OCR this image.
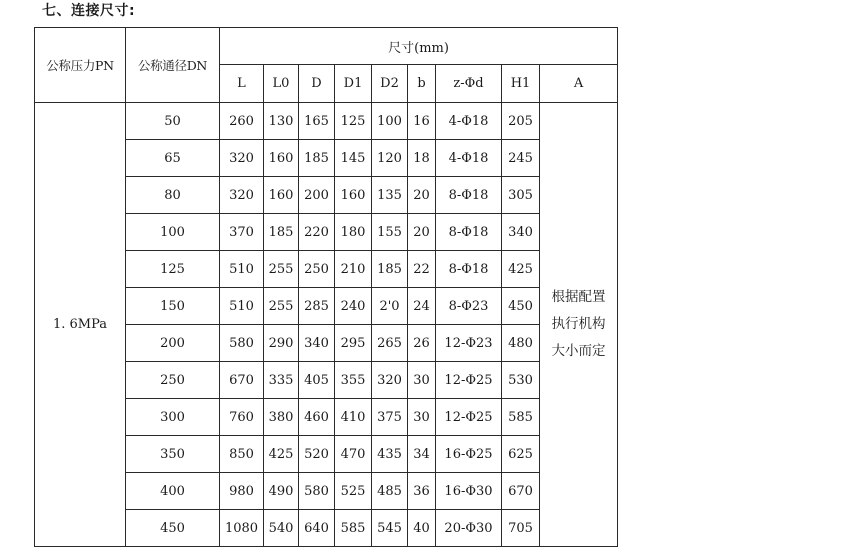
七、连接尺寸:
公称压力PN	公称通径DN	尺寸(mm)								
		L	L0	D	D1	D2	b	z-Φd	H1	A
1. 6MPa	50	260	130	165	125	100	16	4-Φ18	205	根据配置
执行机构
大小而定

	65	320	160	185	145	120	18	4-Φ18	245	
	80	320	160	200	160	135	20	8-Φ18	305	
	100	370	185	220	180	155	20	8-Φ18	340	
	125	510	255	250	210	185	22	8-Φ18	425	
	150	510	255	285	240	2'0	24	8-Φ23	450	
	200	580	290	340	295	265	26	12-Φ23	480	
	250	670	335	405	355	320	30	12-Φ25	530	
	300	760	380	460	410	375	30	12-Φ25	585	
	350	850	425	520	470	435	34	16-Φ25	625	
	400	980	490	580	525	485	36	16-Φ30	670	
	450	1080	540	640	585	545	40	20-Φ30	705	
